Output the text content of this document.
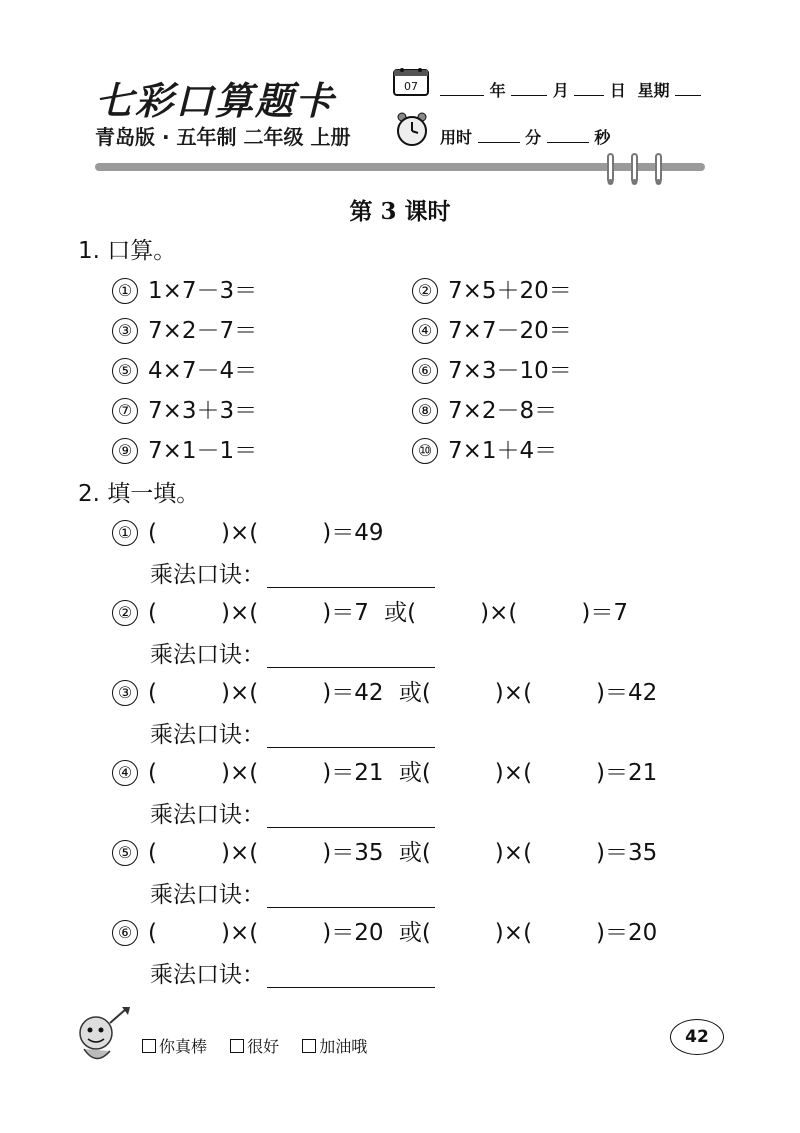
七彩口算题卡
青岛版 · 五年制 二年级 上册
07	年	月	日 星期
用时	分	秒
第 3 课时
1. 口算。
① 1×7－3＝	② 7×5＋20＝
③ 7×2－7＝	④ 7×7－20＝
⑤ 4×7－4＝	⑥ 7×3－10＝
⑦ 7×3＋3＝	⑧ 7×2－8＝
⑨ 7×1－1＝	⑩ 7×1＋4＝
2. 填一填。
① (	)×(	)＝49
乘法口诀：
② (	)×(	)＝7 或(	)×(	)＝7
乘法口诀：
③ (	)×(	)＝42 或(	)×(	)＝42
乘法口诀：
④ (	)×(	)＝21 或(	)×(	)＝21
乘法口诀：
⑤ (	)×(	)＝35 或(	)×(	)＝35
乘法口诀：
⑥ (	)×(	)＝20 或(	)×(	)＝20
乘法口诀：
你真棒	很好	加油哦	42
